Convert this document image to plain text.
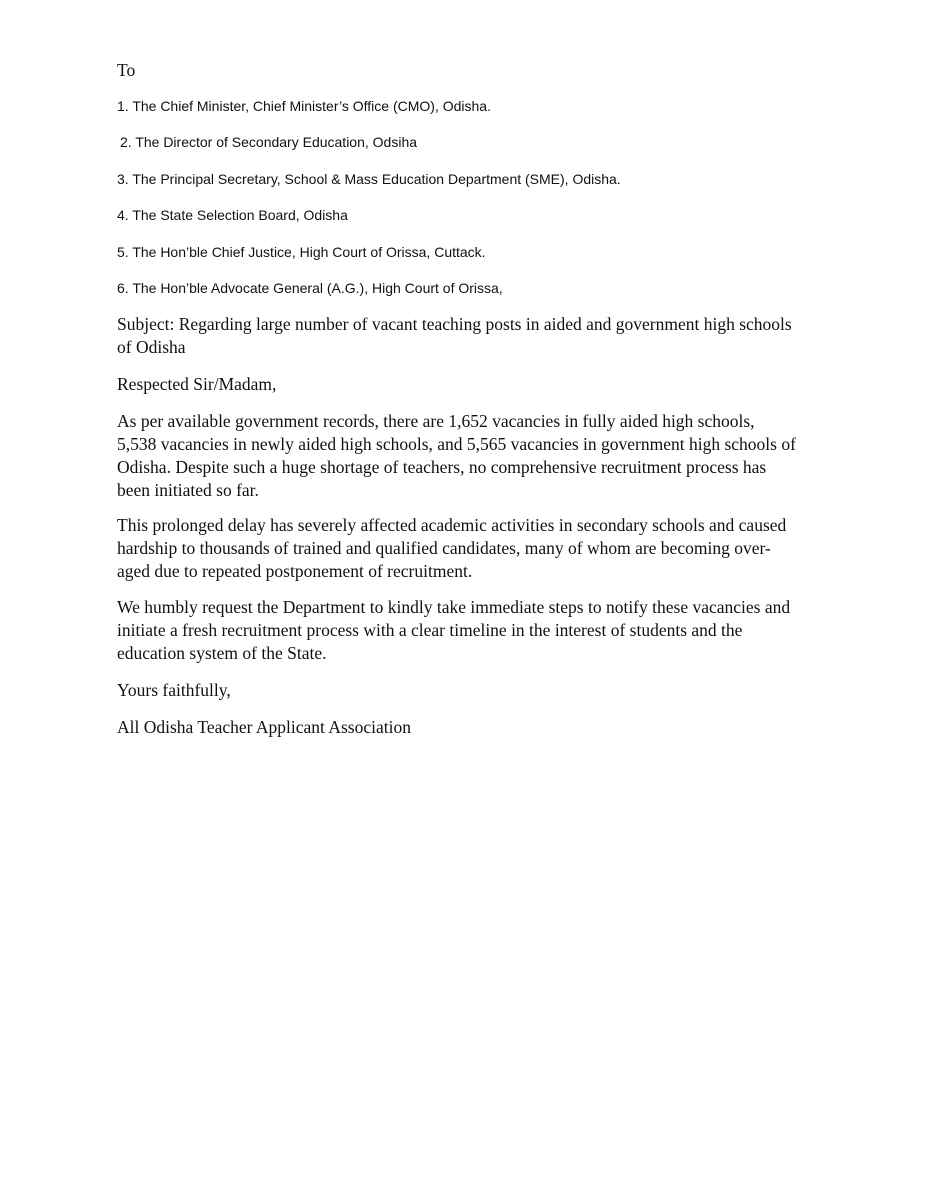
To

1. The Chief Minister, Chief Minister’s Office (CMO), Odisha.
2. The Director of Secondary Education, Odsiha
3. The Principal Secretary, School & Mass Education Department (SME), Odisha.
4. The State Selection Board, Odisha
5. The Hon’ble Chief Justice, High Court of Orissa, Cuttack.
6. The Hon’ble Advocate General (A.G.), High Court of Orissa,

Subject: Regarding large number of vacant teaching posts in aided and government high schools of Odisha

Respected Sir/Madam,

As per available government records, there are 1,652 vacancies in fully aided high schools, 5,538 vacancies in newly aided high schools, and 5,565 vacancies in government high schools of Odisha. Despite such a huge shortage of teachers, no comprehensive recruitment process has been initiated so far.

This prolonged delay has severely affected academic activities in secondary schools and caused hardship to thousands of trained and qualified candidates, many of whom are becoming over-aged due to repeated postponement of recruitment.

We humbly request the Department to kindly take immediate steps to notify these vacancies and initiate a fresh recruitment process with a clear timeline in the interest of students and the education system of the State.

Yours faithfully,

All Odisha Teacher Applicant Association
